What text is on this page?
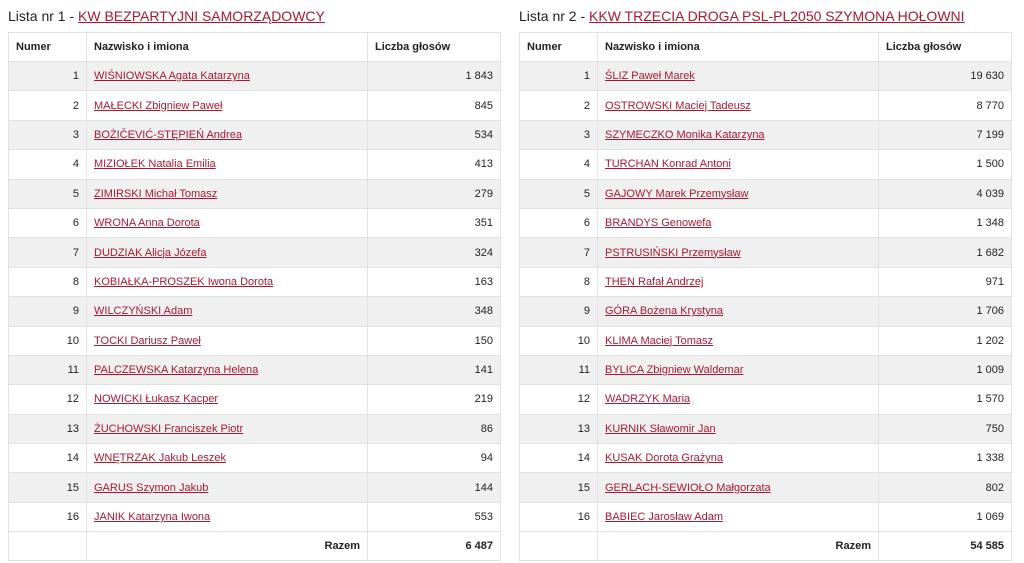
Lista nr 1 - KW BEZPARTYJNI SAMORZĄDOWCY
Numer	Nazwisko i imiona	Liczba głosów
1	WIŚNIOWSKA Agata Katarzyna	1 843
2	MAŁECKI Zbigniew Paweł	845
3	BOŻIČEVIĆ-STĘPIEŃ Andrea	534
4	MIZIOŁEK Natalia Emilia	413
5	ZIMIRSKI Michał Tomasz	279
6	WRONA Anna Dorota	351
7	DUDZIAK Alicja Józefa	324
8	KOBIAŁKA-PROSZEK Iwona Dorota	163
9	WILCZYŃSKI Adam	348
10	TOCKI Dariusz Paweł	150
11	PALCZEWSKA Katarzyna Helena	141
12	NOWICKI Łukasz Kacper	219
13	ŻUCHOWSKI Franciszek Piotr	86
14	WNĘTRZAK Jakub Leszek	94
15	GARUS Szymon Jakub	144
16	JANIK Katarzyna Iwona	553
	Razem	6 487
Lista nr 2 - KKW TRZECIA DROGA PSL-PL2050 SZYMONA HOŁOWNI
Numer	Nazwisko i imiona	Liczba głosów
1	ŚLIZ Paweł Marek	19 630
2	OSTROWSKI Maciej Tadeusz	8 770
3	SZYMECZKO Monika Katarzyna	7 199
4	TURCHAN Konrad Antoni	1 500
5	GAJOWY Marek Przemysław	4 039
6	BRANDYS Genowefa	1 348
7	PSTRUSIŃSKI Przemysław	1 682
8	THEN Rafał Andrzej	971
9	GÓRA Bożena Krystyna	1 706
10	KLIMA Maciej Tomasz	1 202
11	BYLICA Zbigniew Waldemar	1 009
12	WADRZYK Maria	1 570
13	KURNIK Sławomir Jan	750
14	KUSAK Dorota Grażyna	1 338
15	GERLACH-SEWIOŁO Małgorzata	802
16	BABIEC Jarosław Adam	1 069
	Razem	54 585
